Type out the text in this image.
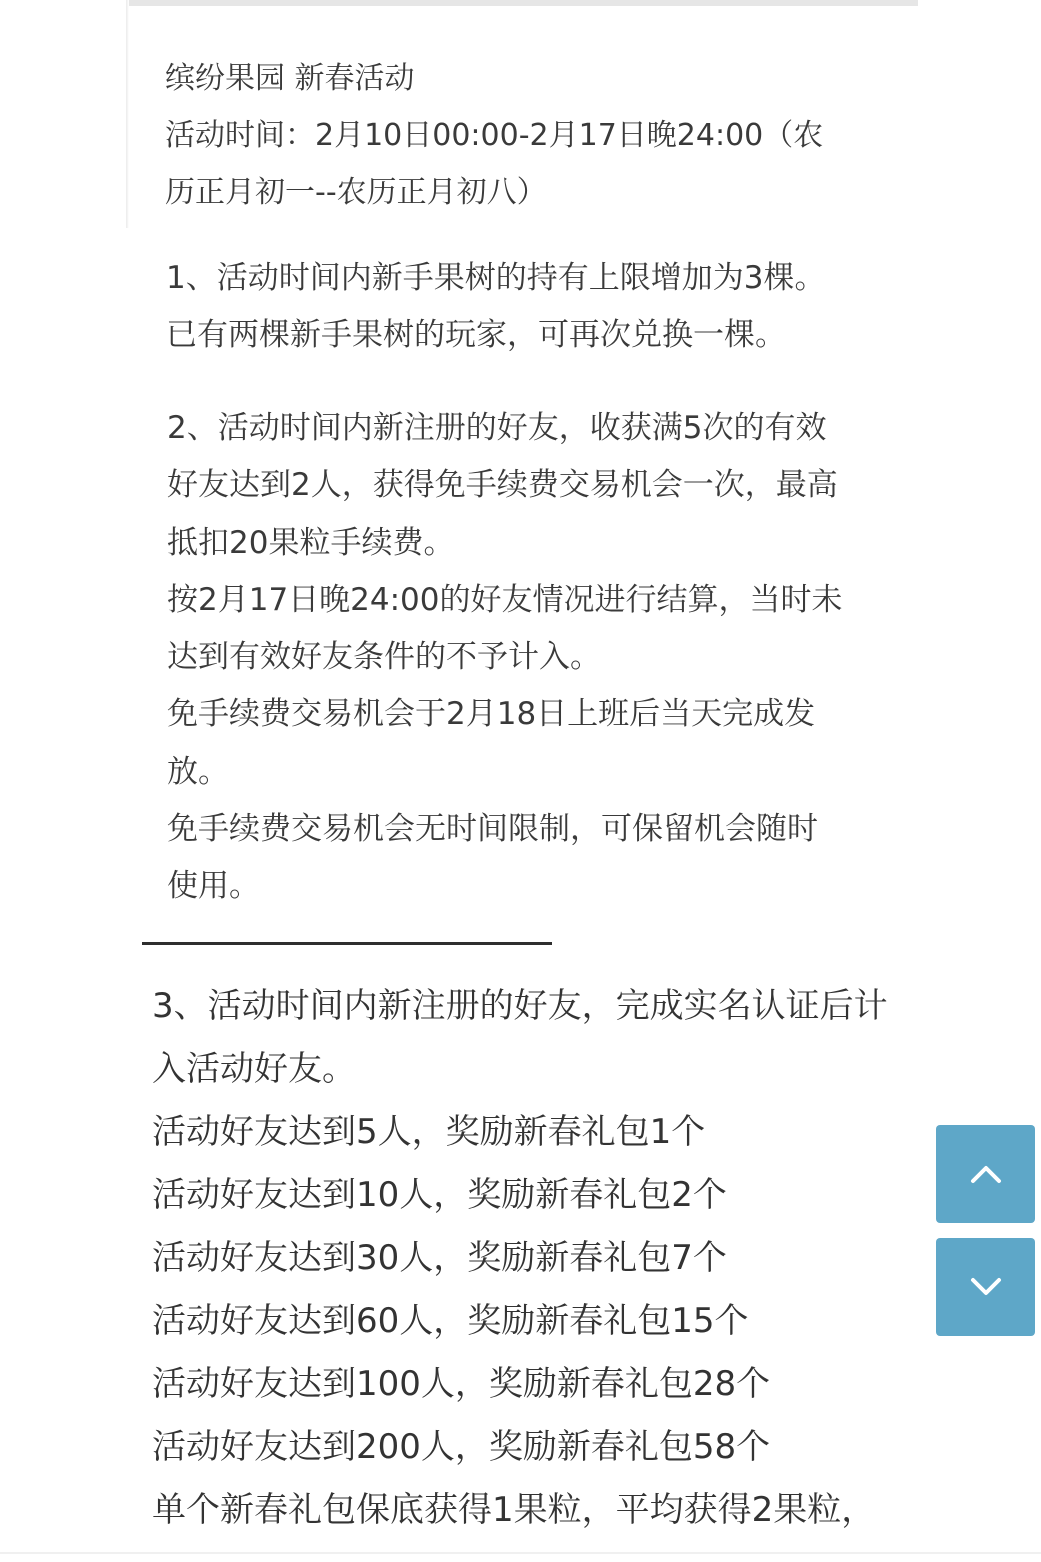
缤纷果园 新春活动
活动时间：2月10日00:00-2月17日晚24:00（农
历正月初一--农历正月初八）
1、活动时间内新手果树的持有上限增加为3棵。
已有两棵新手果树的玩家，可再次兑换一棵。
2、活动时间内新注册的好友，收获满5次的有效
好友达到2人，获得免手续费交易机会一次，最高
抵扣20果粒手续费。
按2月17日晚24:00的好友情况进行结算，当时未
达到有效好友条件的不予计入。
免手续费交易机会于2月18日上班后当天完成发
放。
免手续费交易机会无时间限制，可保留机会随时
使用。
3、活动时间内新注册的好友，完成实名认证后计
入活动好友。
活动好友达到5人，奖励新春礼包1个
活动好友达到10人，奖励新春礼包2个
活动好友达到30人，奖励新春礼包7个
活动好友达到60人，奖励新春礼包15个
活动好友达到100人，奖励新春礼包28个
活动好友达到200人，奖励新春礼包58个
单个新春礼包保底获得1果粒，平均获得2果粒，
